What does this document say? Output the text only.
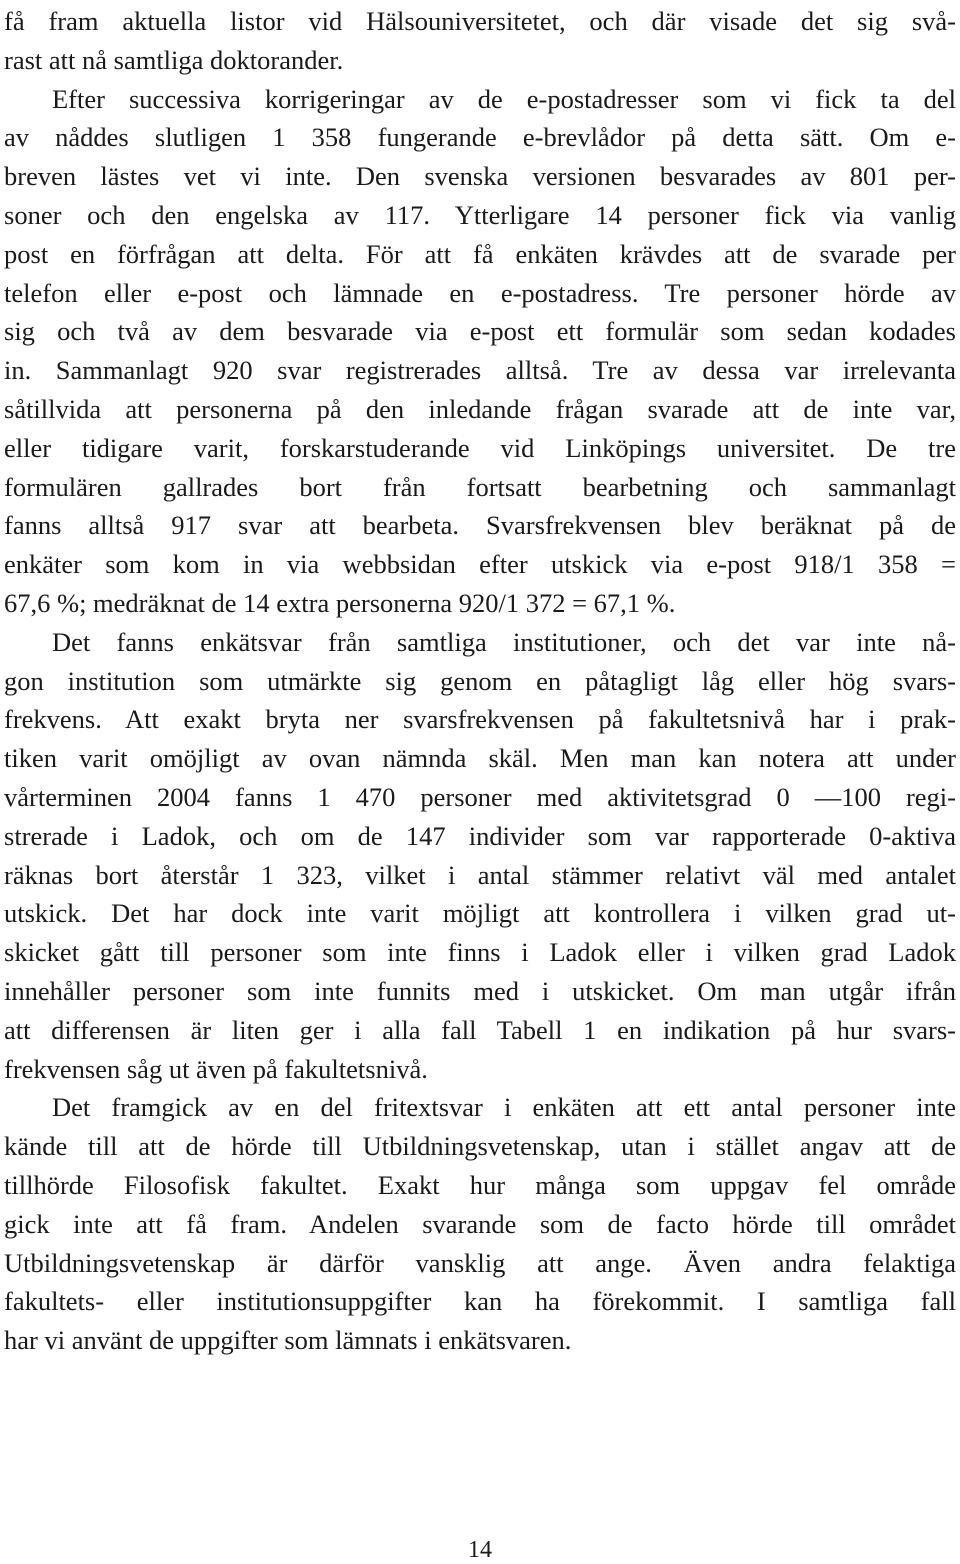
få fram aktuella listor vid Hälsouniversitetet, och där visade det sig svå-
rast att nå samtliga doktorander.
Efter successiva korrigeringar av de e-postadresser som vi fick ta del
av nåddes slutligen 1 358 fungerande e-brevlådor på detta sätt. Om e-
breven lästes vet vi inte. Den svenska versionen besvarades av 801 per-
soner och den engelska av 117. Ytterligare 14 personer fick via vanlig
post en förfrågan att delta. För att få enkäten krävdes att de svarade per
telefon eller e-post och lämnade en e-postadress. Tre personer hörde av
sig och två av dem besvarade via e-post ett formulär som sedan kodades
in. Sammanlagt 920 svar registrerades alltså. Tre av dessa var irrelevanta
såtillvida att personerna på den inledande frågan svarade att de inte var,
eller tidigare varit, forskarstuderande vid Linköpings universitet. De tre
formulären gallrades bort från fortsatt bearbetning och sammanlagt
fanns alltså 917 svar att bearbeta. Svarsfrekvensen blev beräknat på de
enkäter som kom in via webbsidan efter utskick via e-post 918/1 358 =
67,6 %; medräknat de 14 extra personerna 920/1 372 = 67,1 %.
Det fanns enkätsvar från samtliga institutioner, och det var inte nå-
gon institution som utmärkte sig genom en påtagligt låg eller hög svars-
frekvens. Att exakt bryta ner svarsfrekvensen på fakultetsnivå har i prak-
tiken varit omöjligt av ovan nämnda skäl. Men man kan notera att under
vårterminen 2004 fanns 1 470 personer med aktivitetsgrad 0 —100 regi-
strerade i Ladok, och om de 147 individer som var rapporterade 0-aktiva
räknas bort återstår 1 323, vilket i antal stämmer relativt väl med antalet
utskick. Det har dock inte varit möjligt att kontrollera i vilken grad ut-
skicket gått till personer som inte finns i Ladok eller i vilken grad Ladok
innehåller personer som inte funnits med i utskicket. Om man utgår ifrån
att differensen är liten ger i alla fall Tabell 1 en indikation på hur svars-
frekvensen såg ut även på fakultetsnivå.
Det framgick av en del fritextsvar i enkäten att ett antal personer inte
kände till att de hörde till Utbildningsvetenskap, utan i stället angav att de
tillhörde Filosofisk fakultet. Exakt hur många som uppgav fel område
gick inte att få fram. Andelen svarande som de facto hörde till området
Utbildningsvetenskap är därför vansklig att ange. Även andra felaktiga
fakultets- eller institutionsuppgifter kan ha förekommit. I samtliga fall
har vi använt de uppgifter som lämnats i enkätsvaren.
14
